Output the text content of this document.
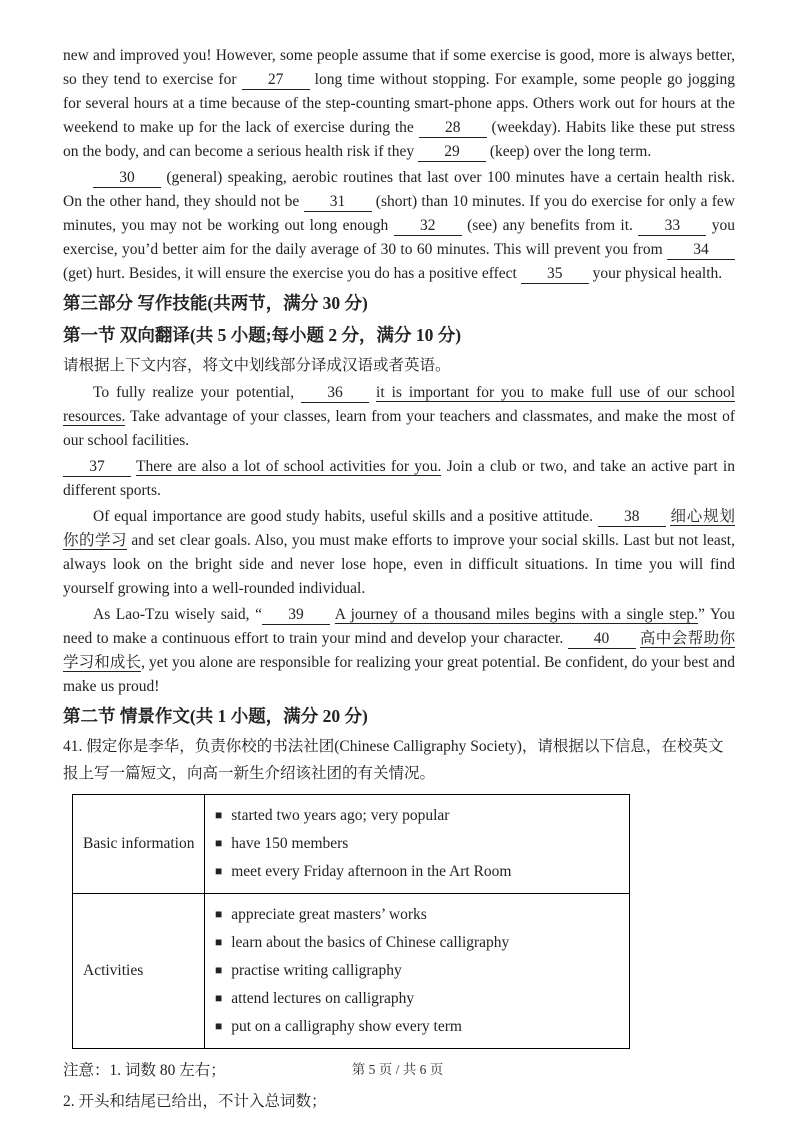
new and improved you! However, some people assume that if some exercise is good, more is always better, so they tend to exercise for 27 long time without stopping. For example, some people go jogging for several hours at a time because of the step-counting smart-phone apps. Others work out for hours at the weekend to make up for the lack of exercise during the 28 (weekday). Habits like these put stress on the body, and can become a serious health risk if they 29 (keep) over the long term.

30 (general) speaking, aerobic routines that last over 100 minutes have a certain health risk. On the other hand, they should not be 31 (short) than 10 minutes. If you do exercise for only a few minutes, you may not be working out long enough 32 (see) any benefits from it. 33 you exercise, you’d better aim for the daily average of 30 to 60 minutes. This will prevent you from 34 (get) hurt. Besides, it will ensure the exercise you do has a positive effect 35 your physical health.

第三部分 写作技能(共两节，满分 30 分)
第一节 双向翻译(共 5 小题;每小题 2 分，满分 10 分)

请根据上下文内容，将文中划线部分译成汉语或者英语。

To fully realize your potential, 36 it is important for you to make full use of our school resources. Take advantage of your classes, learn from your teachers and classmates, and make the most of our school facilities.

37 There are also a lot of school activities for you. Join a club or two, and take an active part in different sports.

Of equal importance are good study habits, useful skills and a positive attitude. 38 细心规划你的学习 and set clear goals. Also, you must make efforts to improve your social skills. Last but not least, always look on the bright side and never lose hope, even in difficult situations. In time you will find yourself growing into a well-rounded individual.

As Lao-Tzu wisely said, “ 39 A journey of a thousand miles begins with a single step.” You need to make a continuous effort to train your mind and develop your character. 40 高中会帮助你学习和成长, yet you alone are responsible for realizing your great potential. Be confident, do your best and make us proud!

第二节 情景作文(共 1 小题，满分 20 分)

41. 假定你是李华，负责你校的书法社团(Chinese Calligraphy Society)，请根据以下信息，在校英文报上写一篇短文，向高一新生介绍该社团的有关情况。

Basic information	■ started two years ago; very popular
■ have 150 members
■ meet every Friday afternoon in the Art Room

Activities	■ appreciate great masters’ works
■ learn about the basics of Chinese calligraphy
■ practise writing calligraphy
■ attend lectures on calligraphy
■ put on a calligraphy show every term

注意：1. 词数 80 左右；

2. 开头和结尾已给出，不计入总词数；

第 5 页 / 共 6 页
